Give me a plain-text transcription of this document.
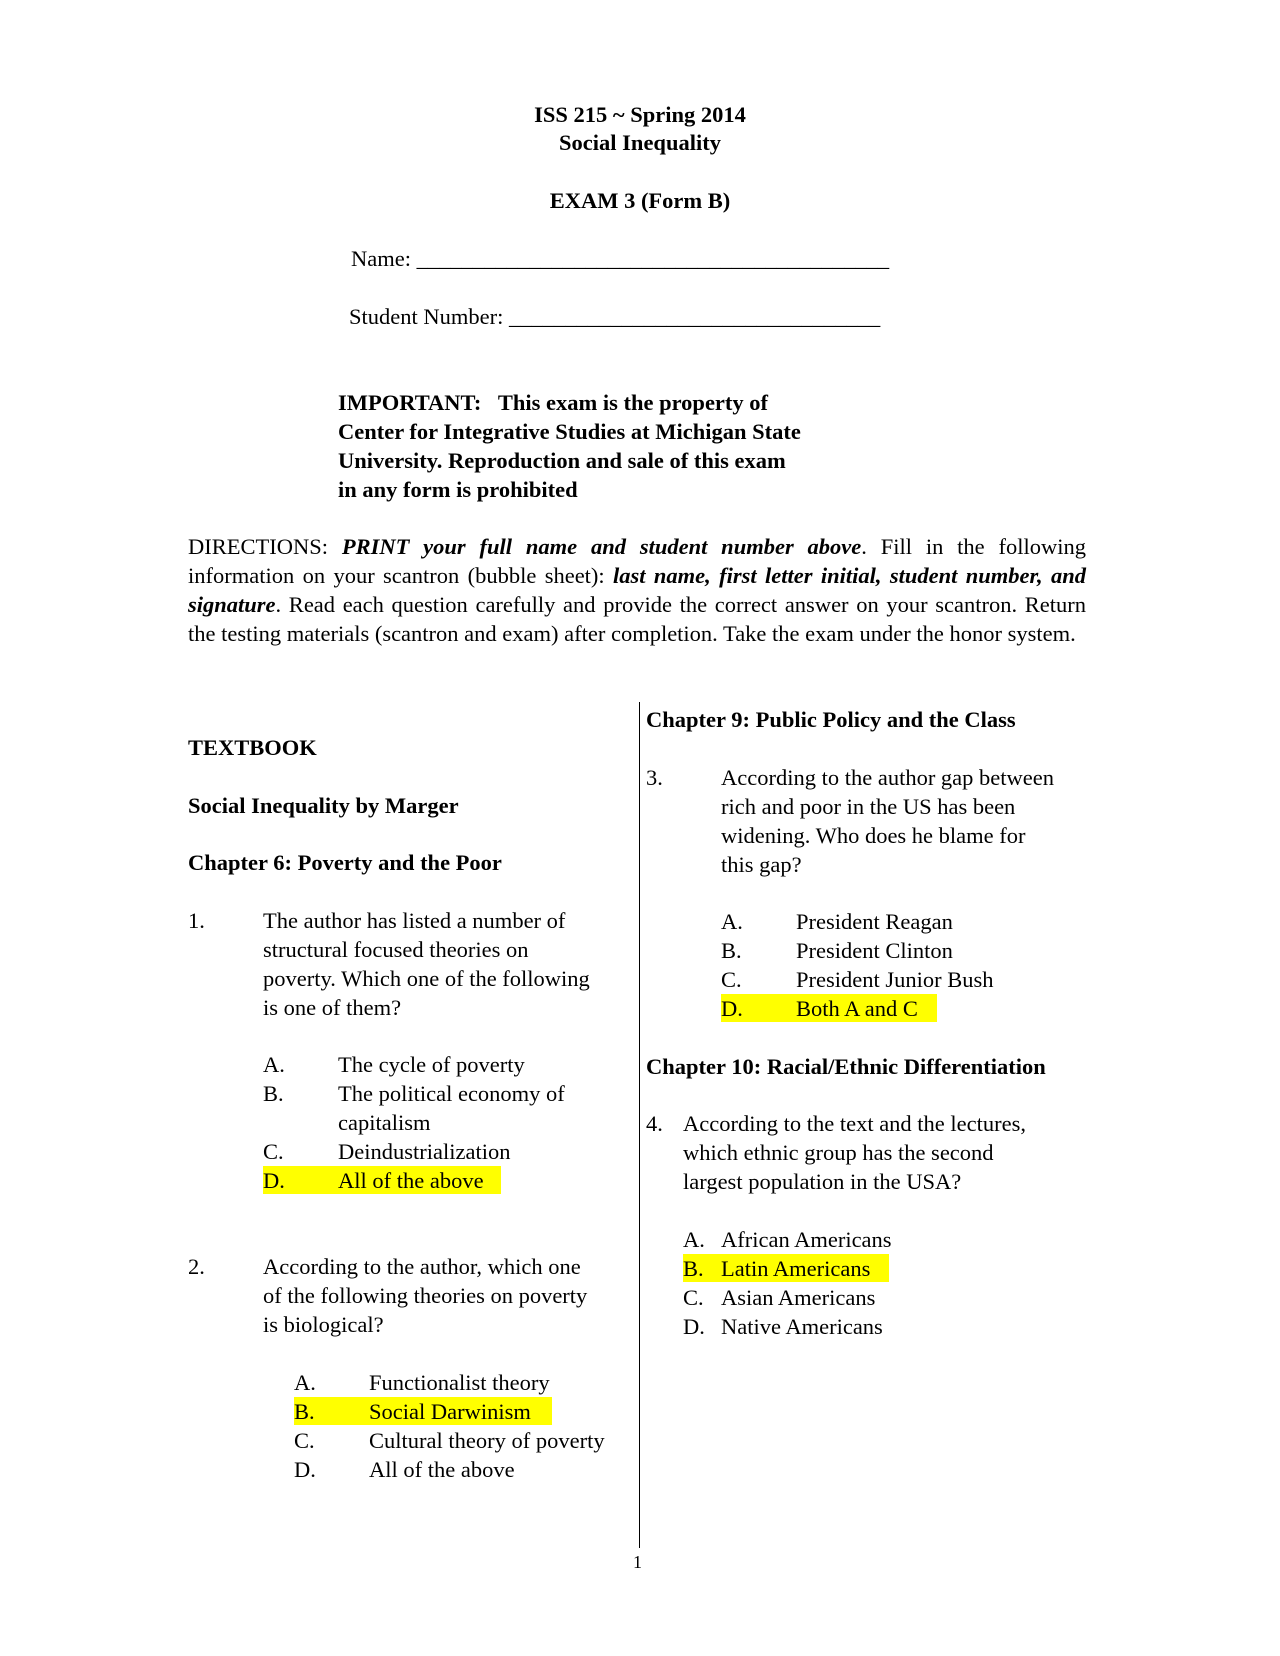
ISS 215 ~ Spring 2014
Social Inequality
EXAM 3 (Form B)
Name: __________________________________________
Student Number: _________________________________
IMPORTANT:   This exam is the property of
Center for Integrative Studies at Michigan State
University. Reproduction and sale of this exam
in any form is prohibited
DIRECTIONS: PRINT your full name and student number above. Fill in the following information on your scantron (bubble sheet): last name, first letter initial, student number, and signature. Read each question carefully and provide the correct answer on your scantron. Return the testing materials (scantron and exam) after completion. Take the exam under the honor system.
TEXTBOOK
Social Inequality by Marger
Chapter 6: Poverty and the Poor
1.	The author has listed a number of
structural focused theories on
poverty. Which one of the following
is one of them?
A. The cycle of poverty
B. The political economy of
capitalism
C. Deindustrialization
D. All of the above
2.	According to the author, which one
of the following theories on poverty
is biological?
A. Functionalist theory
B. Social Darwinism
C. Cultural theory of poverty
D. All of the above
Chapter 9: Public Policy and the Class
3.	According to the author gap between
rich and poor in the US has been
widening. Who does he blame for
this gap?
A. President Reagan
B. President Clinton
C. President Junior Bush
D. Both A and C
Chapter 10: Racial/Ethnic Differentiation
4. According to the text and the lectures,
which ethnic group has the second
largest population in the USA?
A. African Americans
B. Latin Americans
C. Asian Americans
D. Native Americans
1
